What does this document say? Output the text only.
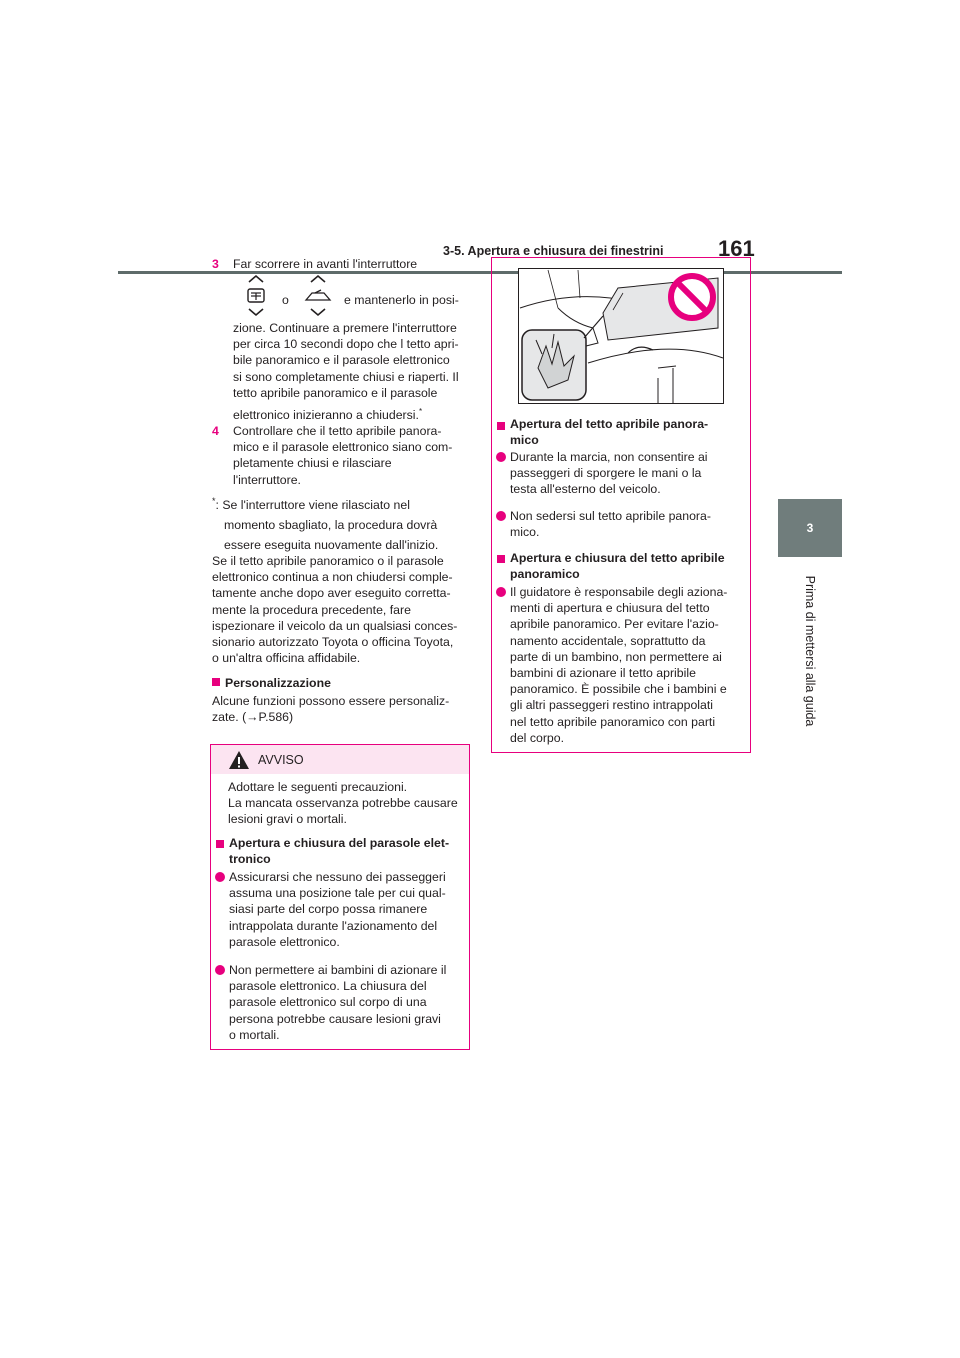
3-5. Apertura e chiusura dei finestrini 161
3
Prima di mettersi alla guida
3 Far scorrere in avanti l'interruttore
o	e mantenerlo in posi-
zione. Continuare a premere l'interruttore
per circa 10 secondi dopo che l tetto apri-
bile panoramico e il parasole elettronico
si sono completamente chiusi e riaperti. Il
tetto apribile panoramico e il parasole
elettronico inizieranno a chiudersi.*
4 Controllare che il tetto apribile panora-
mico e il parasole elettronico siano com-
pletamente chiusi e rilasciare
l'interruttore.
*: Se l'interruttore viene rilasciato nel
momento sbagliato, la procedura dovrà
essere eseguita nuovamente dall'inizio.
Se il tetto apribile panoramico o il parasole
elettronico continua a non chiudersi comple-
tamente anche dopo aver eseguito corretta-
mente la procedura precedente, fare
ispezionare il veicolo da un qualsiasi conces-
sionario autorizzato Toyota o officina Toyota,
o un'altra officina affidabile.
Personalizzazione
Alcune funzioni possono essere personaliz-
zate. (→P.586)
AVVISO
Adottare le seguenti precauzioni.
La mancata osservanza potrebbe causare
lesioni gravi o mortali.
Apertura e chiusura del parasole elet-
tronico
Assicurarsi che nessuno dei passeggeri
assuma una posizione tale per cui qual-
siasi parte del corpo possa rimanere
intrappolata durante l'azionamento del
parasole elettronico.
Non permettere ai bambini di azionare il
parasole elettronico. La chiusura del
parasole elettronico sul corpo di una
persona potrebbe causare lesioni gravi
o mortali.
Apertura del tetto apribile panora-
mico
Durante la marcia, non consentire ai
passeggeri di sporgere le mani o la
testa all'esterno del veicolo.
Non sedersi sul tetto apribile panora-
mico.
Apertura e chiusura del tetto apribile
panoramico
Il guidatore è responsabile degli aziona-
menti di apertura e chiusura del tetto
apribile panoramico. Per evitare l'azio-
namento accidentale, soprattutto da
parte di un bambino, non permettere ai
bambini di azionare il tetto apribile
panoramico. È possibile che i bambini e
gli altri passeggeri restino intrappolati
nel tetto apribile panoramico con parti
del corpo.
